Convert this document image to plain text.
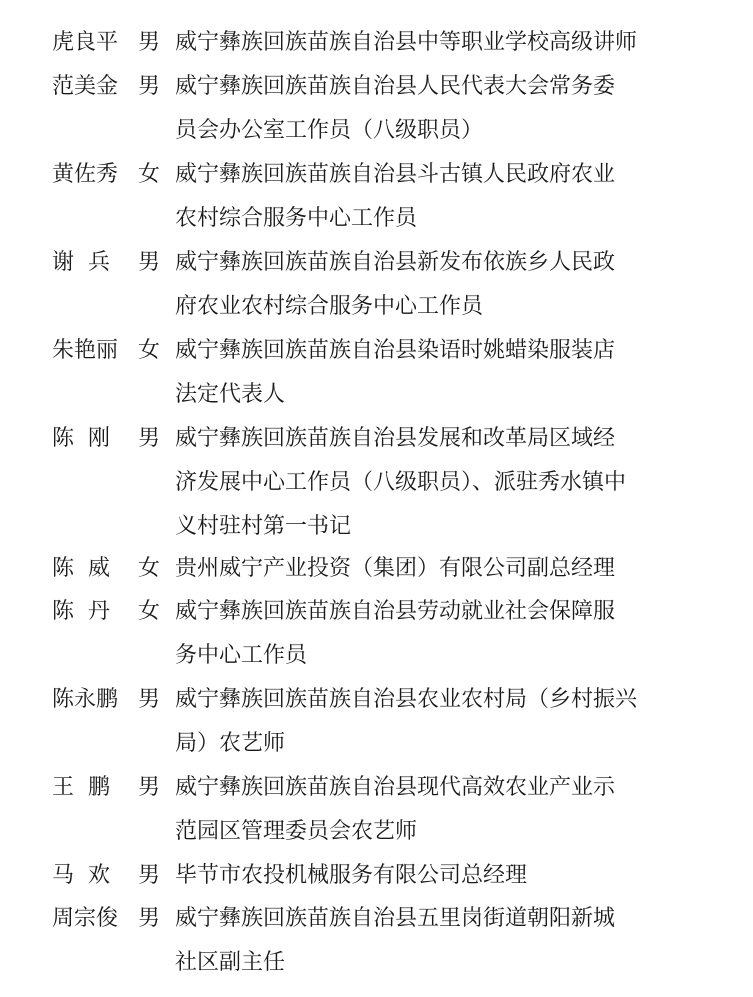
虎良平 男 威宁彝族回族苗族自治县中等职业学校高级讲师
范美金 男 威宁彝族回族苗族自治县人民代表大会常务委
员会办公室工作员（八级职员）
黄佐秀 女 威宁彝族回族苗族自治县斗古镇人民政府农业
农村综合服务中心工作员
谢  兵	男 威宁彝族回族苗族自治县新发布依族乡人民政
府农业农村综合服务中心工作员
朱艳丽 女 威宁彝族回族苗族自治县染语时姚蜡染服装店
法定代表人
陈  刚	男 威宁彝族回族苗族自治县发展和改革局区域经
济发展中心工作员（八级职员）、派驻秀水镇中
义村驻村第一书记
陈  威	女 贵州威宁产业投资（集团）有限公司副总经理
陈  丹	女 威宁彝族回族苗族自治县劳动就业社会保障服
务中心工作员
陈永鹏 男 威宁彝族回族苗族自治县农业农村局（乡村振兴
局）农艺师
王  鹏	男 威宁彝族回族苗族自治县现代高效农业产业示
范园区管理委员会农艺师
马  欢	男 毕节市农投机械服务有限公司总经理
周宗俊 男 威宁彝族回族苗族自治县五里岗街道朝阳新城
社区副主任
